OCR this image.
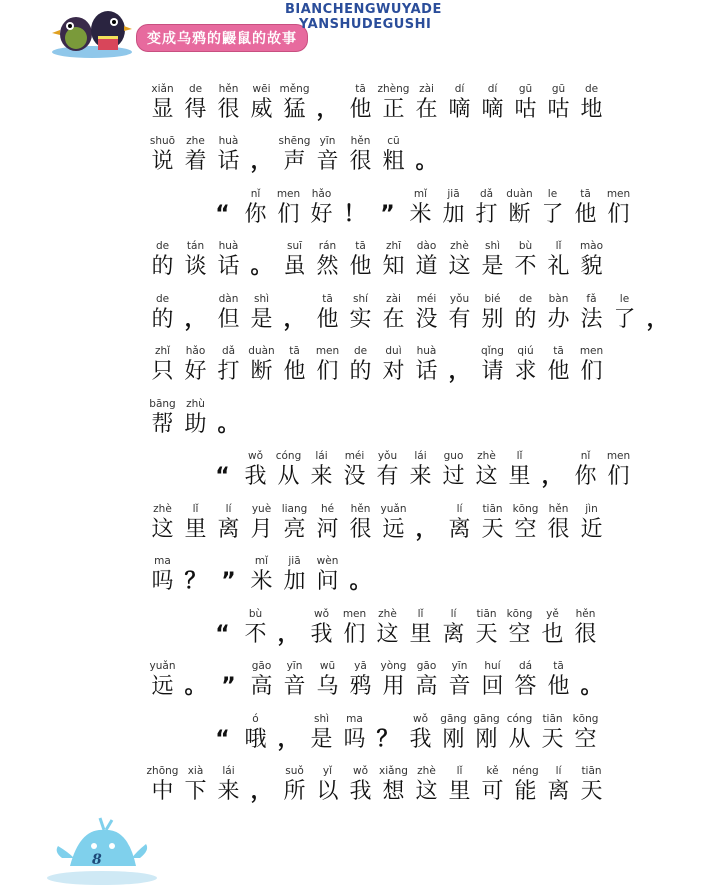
变成乌鸦的鼹鼠的故事
BIANCHENGWUYADE
YANSHUDEGUSHI
xiǎn
显
de
得
hěn
很
wēi
威
měng
猛 ，
tā
他
zhèng
正
zài
在
dí
嘀
dí
嘀
gū
咕
gū
咕
de
地
shuō
说
zhe
着
huà
话 ，
shēng
声
yīn
音
hěn
很
cū
粗 。
“
nǐ
你
men
们
hǎo
好 ！ ”
mǐ
米
jiā
加
dǎ
打
duàn
断
le
了
tā
他
men
们
de
的
tán
谈
huà
话 。
suī
虽
rán
然
tā
他
zhī
知
dào
道
zhè
这
shì
是
bù
不
lǐ
礼
mào
貌
de
的 ，
dàn
但
shì
是 ，
tā
他
shí
实
zài
在
méi
没
yǒu
有
bié
别
de
的
bàn
办
fǎ
法
le
了 ，
zhǐ
只
hǎo
好
dǎ
打
duàn
断
tā
他
men
们
de
的
duì
对
huà
话 ，
qǐng
请
qiú
求
tā
他
men
们
bāng
帮
zhù
助 。
“
wǒ
我
cóng
从
lái
来
méi
没
yǒu
有
lái
来
guo
过
zhè
这
lǐ
里 ，
nǐ
你
men
们
zhè
这
lǐ
里
lí
离
yuè
月
liang
亮
hé
河
hěn
很
yuǎn
远 ，
lí
离
tiān
天
kōng
空
hěn
很
jìn
近
ma
吗 ？ ”
mǐ
米
jiā
加
wèn
问 。
“
bù
不 ，
wǒ
我
men
们
zhè
这
lǐ
里
lí
离
tiān
天
kōng
空
yě
也
hěn
很
yuǎn
远 。 ”
gāo
高
yīn
音
wū
乌
yā
鸦
yòng
用
gāo
高
yīn
音
huí
回
dá
答
tā
他 。
“
ó
哦 ，
shì
是
ma
吗 ？
wǒ
我
gāng
刚
gāng
刚
cóng
从
tiān
天
kōng
空
zhōng
中
xià
下
lái
来 ，
suǒ
所
yǐ
以
wǒ
我
xiǎng
想
zhè
这
lǐ
里
kě
可
néng
能
lí
离
tiān
天
8
